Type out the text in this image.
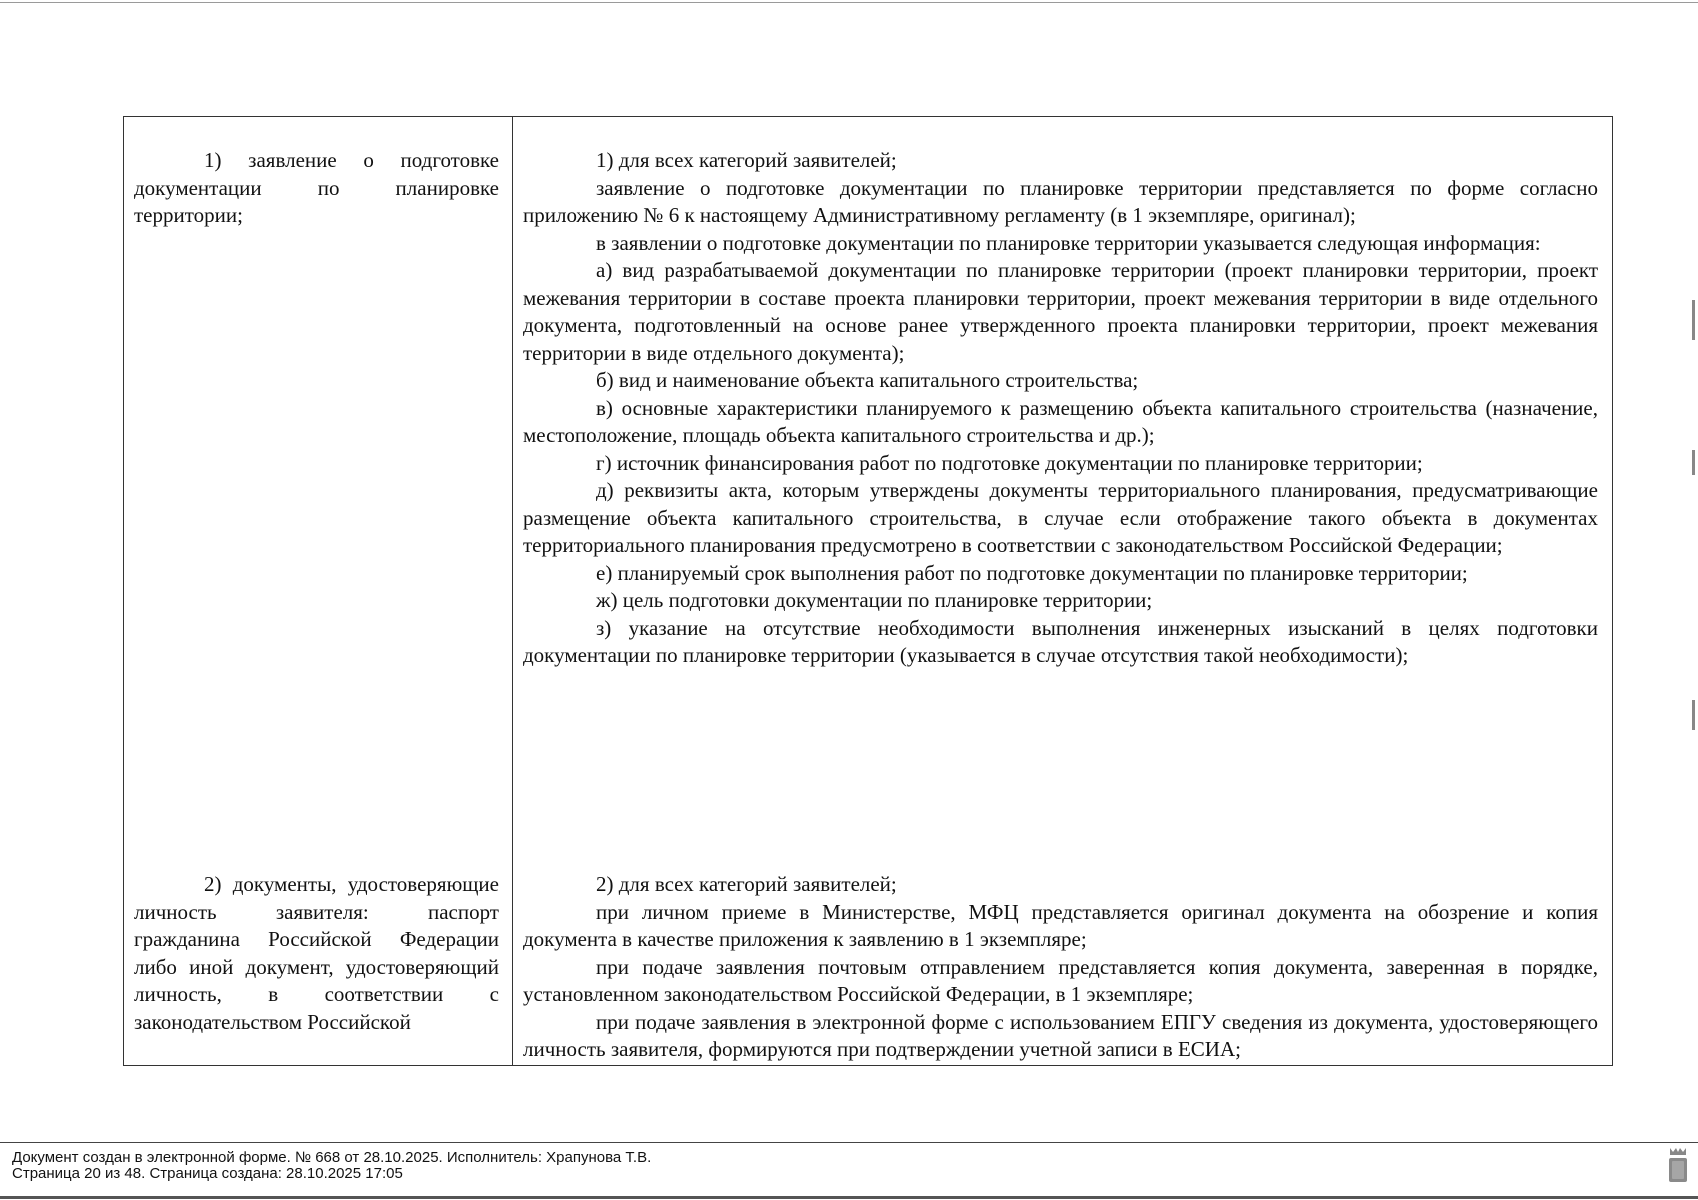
1) заявление о подготовке документации по планировке территории;

2) документы, удостоверяющие личность заявителя: паспорт гражданина Российской Федерации либо иной документ, удостоверяющий личность, в соответствии с законодательством Российской

1) для всех категорий заявителей;

заявление о подготовке документации по планировке территории представляется по форме согласно приложению № 6 к настоящему Административному регламенту (в 1 экземпляре, оригинал);

в заявлении о подготовке документации по планировке территории указывается следующая информация:

а) вид разрабатываемой документации по планировке территории (проект планировки территории, проект межевания территории в составе проекта планировки территории, проект межевания территории в виде отдельного документа, подготовленный на основе ранее утвержденного проекта планировки территории, проект межевания территории в виде отдельного документа);

б) вид и наименование объекта капитального строительства;

в) основные характеристики планируемого к размещению объекта капитального строительства (назначение, местоположение, площадь объекта капитального строительства и др.);

г) источник финансирования работ по подготовке документации по планировке территории;

д) реквизиты акта, которым утверждены документы территориального планирования, предусматривающие размещение объекта капитального строительства, в случае если отображение такого объекта в документах территориального планирования предусмотрено в соответствии с законодательством Российской Федерации;

е) планируемый срок выполнения работ по подготовке документации по планировке территории;

ж) цель подготовки документации по планировке территории;

з) указание на отсутствие необходимости выполнения инженерных изысканий в целях подготовки документации по планировке территории (указывается в случае отсутствия такой необходимости);

2) для всех категорий заявителей;

при личном приеме в Министерстве, МФЦ представляется оригинал документа на обозрение и копия документа в качестве приложения к заявлению в 1 экземпляре;

при подаче заявления почтовым отправлением представляется копия документа, заверенная в порядке, установленном законодательством Российской Федерации, в 1 экземпляре;

при подаче заявления в электронной форме с использованием ЕПГУ сведения из документа, удостоверяющего личность заявителя, формируются при подтверждении учетной записи в ЕСИА;

Документ создан в электронной форме. № 668 от 28.10.2025. Исполнитель: Храпунова Т.В.
Страница 20 из 48. Страница создана: 28.10.2025 17:05
